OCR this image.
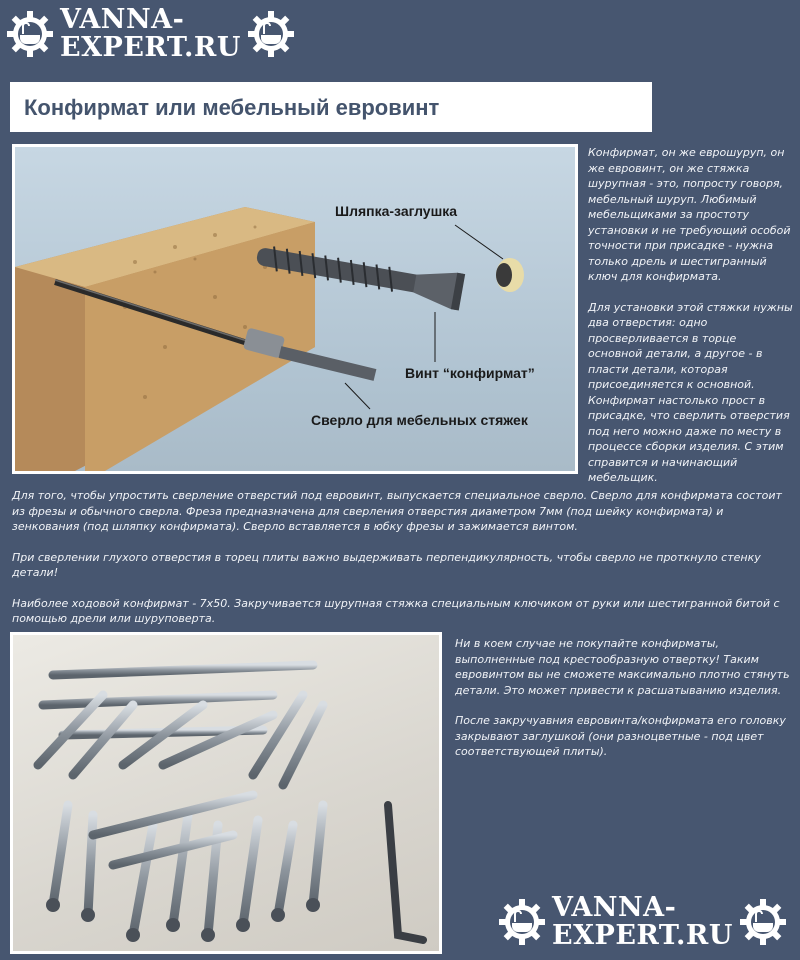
VANNA-
EXPERT.RU
Конфирмат или мебельный евровинт
Шляпка-заглушка
Винт “конфирмат”
Сверло для мебельных стяжек

Конфирмат, он же еврошуруп, он же евровинт, он же стяжка шурупная - это, попросту говоря, мебельный шуруп. Любимый мебельщиками за простоту установки и не требующий особой точности при присадке - нужна только дрель и шестигранный ключ для конфирмата.

Для установки этой стяжки нужны два отверстия: одно просверливается в торце основной детали, а другое - в пласти детали, которая присоединяется к основной. Конфирмат настолько прост в присадке, что сверлить отверстия под него можно даже по месту в процессе сборки изделия. С этим справится и начинающий мебельщик.

Для того, чтобы упростить сверление отверстий под евровинт, выпускается специальное сверло. Сверло для конфирмата состоит из фрезы и обычного сверла. Фреза предназначена для сверления отверстия диаметром 7мм (под шейку конфирмата) и зенкования (под шляпку конфирмата). Сверло вставляется в юбку фрезы и зажимается винтом.

При сверлении глухого отверстия в торец плиты важно выдерживать перпендикулярность, чтобы сверло не проткнуло стенку детали!

Наиболее ходовой конфирмат - 7х50. Закручивается шурупная стяжка специальным ключиком от руки или шестигранной битой с помощью дрели или шуруповерта.

Ни в коем случае не покупайте конфирматы, выполненные под крестообразную отвертку! Таким евровинтом вы не сможете максимально плотно стянуть детали. Это может привести к расшатыванию изделия.

После закручуавния евровинта/конфирмата его головку закрывают заглушкой (они разноцветные - под цвет соответствующей плиты).

VANNA-
EXPERT.RU
